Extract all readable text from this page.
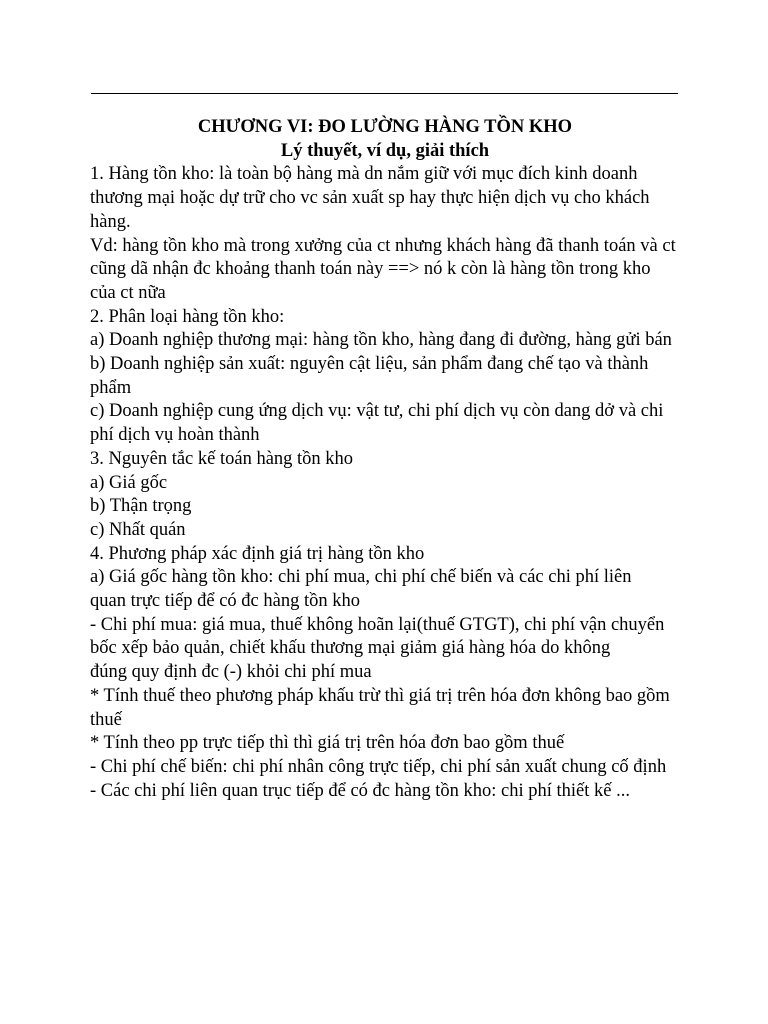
CHƯƠNG VI: ĐO LƯỜNG HÀNG TỒN KHO

Lý thuyết, ví dụ, giải thích

1. Hàng tồn kho: là toàn bộ hàng mà dn nắm giữ với mục đích kinh doanh thương mại hoặc dự trữ cho vc sản xuất sp hay thực hiện dịch vụ cho khách hàng.

Vd: hàng tồn kho mà trong xưởng của ct nhưng khách hàng đã thanh toán và ct cũng dã nhận đc khoảng thanh toán này ==> nó k còn là hàng tồn trong kho của ct nữa

2. Phân loại hàng tồn kho:

a) Doanh nghiệp thương mại: hàng tồn kho, hàng đang đi đường, hàng gửi bán

b) Doanh nghiệp sản xuất: nguyên cật liệu, sản phẩm đang chế tạo và thành phẩm

c) Doanh nghiệp cung ứng dịch vụ: vật tư, chi phí dịch vụ còn dang dở và chi phí dịch vụ hoàn thành

3. Nguyên tắc kế toán hàng tồn kho

a) Giá gốc

b) Thận trọng

c) Nhất quán

4. Phương pháp xác định giá trị hàng tồn kho

a) Giá gốc hàng tồn kho: chi phí mua, chi phí chế biến và các chi phí liên

quan trực tiếp để có đc hàng tồn kho

- Chi phí mua: giá mua, thuế không hoãn lại(thuế GTGT), chi phí vận chuyển bốc xếp bảo quản, chiết khấu thương mại giảm giá hàng hóa do không

đúng quy định đc (-) khỏi chi phí mua

* Tính thuế theo phương pháp khấu trừ thì giá trị trên hóa đơn không bao gồm thuế

* Tính theo pp trực tiếp thì thì giá trị trên hóa đơn bao gồm thuế

- Chi phí chế biến: chi phí nhân công trực tiếp, chi phí sản xuất chung cố định

- Các chi phí liên quan trục tiếp để có đc hàng tồn kho: chi phí thiết kế ...
